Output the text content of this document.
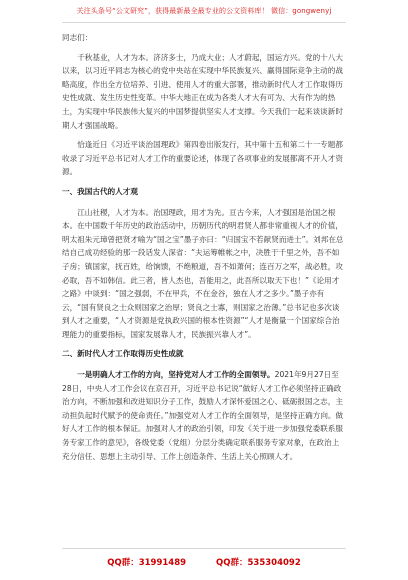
关注头条号“公文研究”，获得最新最全最专业的公文资料库！ 微信：gongwenyj

同志们：

千秋基业，人才为本。济济多士，乃成大业；人才蔚起，国运方兴。党的十八大以来，以习近平同志为核心的党中央站在实现中华民族复兴、赢得国际竞争主动的战略高度，作出全方位培养、引进、使用人才的重大部署，推动新时代人才工作取得历史性成就、发生历史性变革。中华大地正在成为各类人才大有可为、大有作为的热土，为实现中华民族伟大复兴的中国梦提供坚实人才支撑。今天我们一起来谈谈新时期人才强国战略。

恰逢近日《习近平谈治国理政》第四卷出版发行，其中第十五和第二十一专题都收录了习近平总书记对人才工作的重要论述，体现了各项事业的发展都离不开人才资源。

一、我国古代的人才观

江山社稷，人才为本。治国理政，用才为先。亘古今来，人才强国是治国之根本。在中国数千年历史的政治活动中，历朝历代的明君贤人都非常重视人才的价值，明太祖朱元璋曾把贤才喻为“国之宝”墨子亦曰：“归国宝不若献贤而进士”。刘邦在总结自己成功经验的那一段话发人深省：“夫运筹帷帐之中，决胜于千里之外，吾不如子房；镇国家，抚百姓，给饷馈，不绝粮道，吾不如萧何；连百万之军，战必胜，攻必取，吾不如韩信。此三者，皆人杰也，吾能用之，此吾所以取天下也！”《论用才之路》中谈到：“国之强弱，不在甲兵，不在金谷，独在人才之多少。”墨子亦有云，“国有贤良之士众则国家之治厚；贤良之士寡，则国家之治薄。”总书记也多次谈到人才之重要，“人才资源是党执政兴国的根本性资源”“人才是衡量一个国家综合治理能力的重要指标，国家发展靠人才，民族振兴靠人才”。

二、新时代人才工作取得历史性成就

一是明确人才工作的方向，坚持党对人才工作的全面领导。2021年9月27日至28日，中央人才工作会议在京召开，习近平总书记说“做好人才工作必须坚持正确政治方向，不断加强和改进知识分子工作，鼓励人才深怀爱国之心、砥砺报国之志，主动担负起时代赋予的使命责任。”加强党对人才工作的全面领导，是坚持正确方向。做好人才工作的根本保证。加强对人才的政治引领，印发《关于进一步加强党委联系服务专家工作的意见》，各级党委（党组）分层分类确定联系服务专家对象，在政治上充分信任、思想上主动引导、工作上创造条件、生活上关心照顾人才。

QQ群：31991489	QQ群：535304092
